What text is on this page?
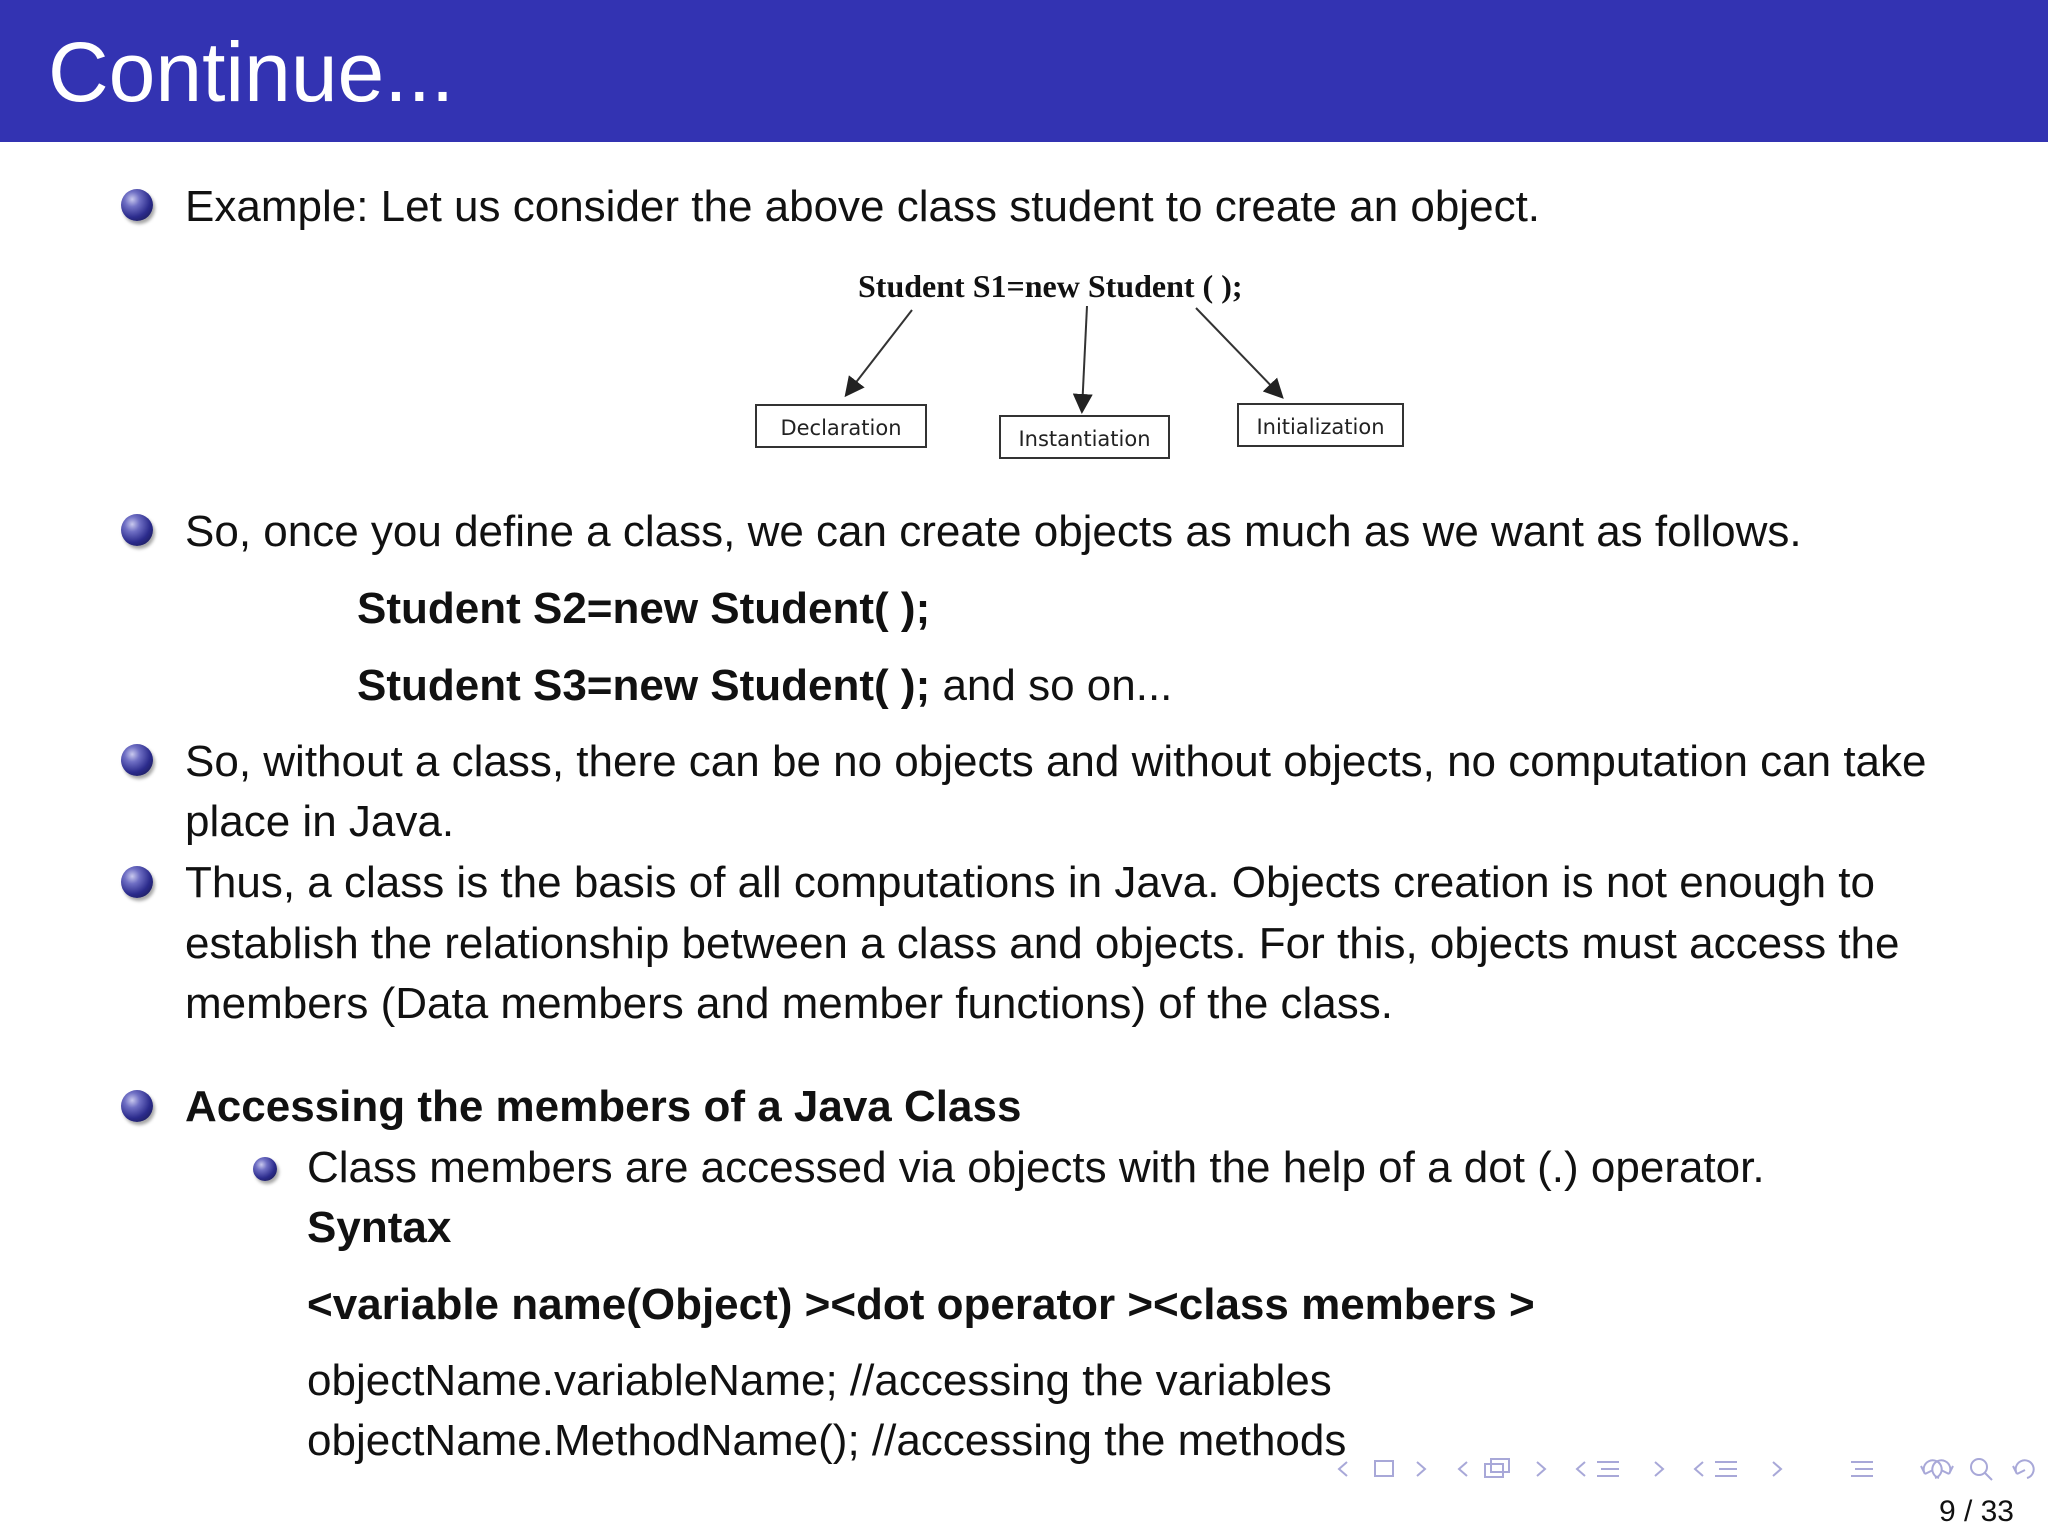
Continue...
Example: Let us consider the above class student to create an object.
Student S1=new Student ( );
Declaration	Instantiation	Initialization
So, once you define a class, we can create objects as much as we want as follows.
Student S2=new Student( );
Student S3=new Student( ); and so on...
So, without a class, there can be no objects and without objects, no computation can take
place in Java.
Thus, a class is the basis of all computations in Java. Objects creation is not enough to
establish the relationship between a class and objects. For this, objects must access the
members (Data members and member functions) of the class.
Accessing the members of a Java Class
Class members are accessed via objects with the help of a dot (.) operator.
Syntax
<variable name(Object) ><dot operator ><class members >
objectName.variableName; //accessing the variables
objectName.MethodName(); //accessing the methods
9 / 33
